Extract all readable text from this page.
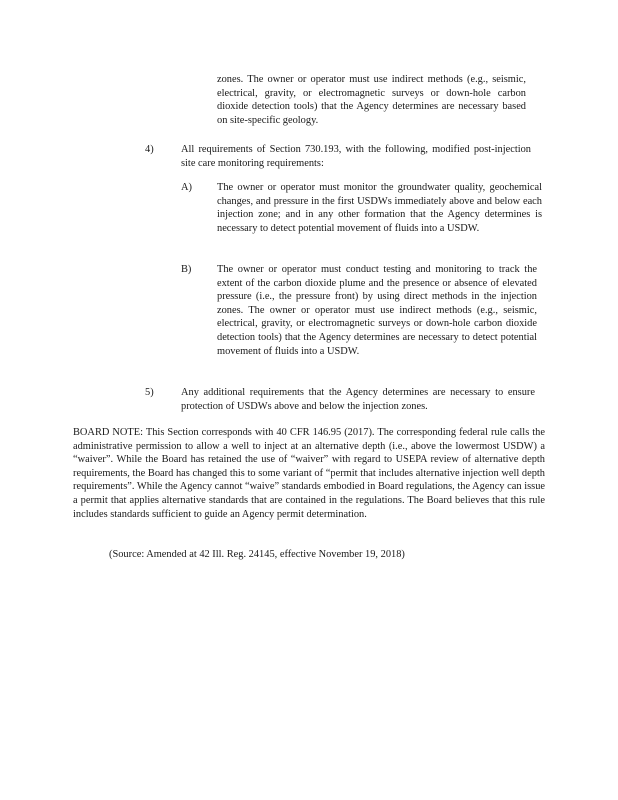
zones. The owner or operator must use indirect methods (e.g., seismic, electrical, gravity, or electromagnetic surveys or down-hole carbon dioxide detection tools) that the Agency determines are necessary based on site-specific geology.

4)	All requirements of Section 730.193, with the following, modified post-injection site care monitoring requirements:

A) The owner or operator must monitor the groundwater quality, geochemical changes, and pressure in the first USDWs immediately above and below each injection zone; and in any other formation that the Agency determines is necessary to detect potential movement of fluids into a USDW.

B) The owner or operator must conduct testing and monitoring to track the extent of the carbon dioxide plume and the presence or absence of elevated pressure (i.e., the pressure front) by using direct methods in the injection zones. The owner or operator must use indirect methods (e.g., seismic, electrical, gravity, or electromagnetic surveys or down-hole carbon dioxide detection tools) that the Agency determines are necessary to detect potential movement of fluids into a USDW.

5)	Any additional requirements that the Agency determines are necessary to ensure protection of USDWs above and below the injection zones.

BOARD NOTE: This Section corresponds with 40 CFR 146.95 (2017). The corresponding federal rule calls the administrative permission to allow a well to inject at an alternative depth (i.e., above the lowermost USDW) a “waiver”. While the Board has retained the use of “waiver” with regard to USEPA review of alternative depth requirements, the Board has changed this to some variant of “permit that includes alternative injection well depth requirements”. While the Agency cannot “waive” standards embodied in Board regulations, the Agency can issue a permit that applies alternative standards that are contained in the regulations. The Board believes that this rule includes standards sufficient to guide an Agency permit determination.

(Source: Amended at 42 Ill. Reg. 24145, effective November 19, 2018)
